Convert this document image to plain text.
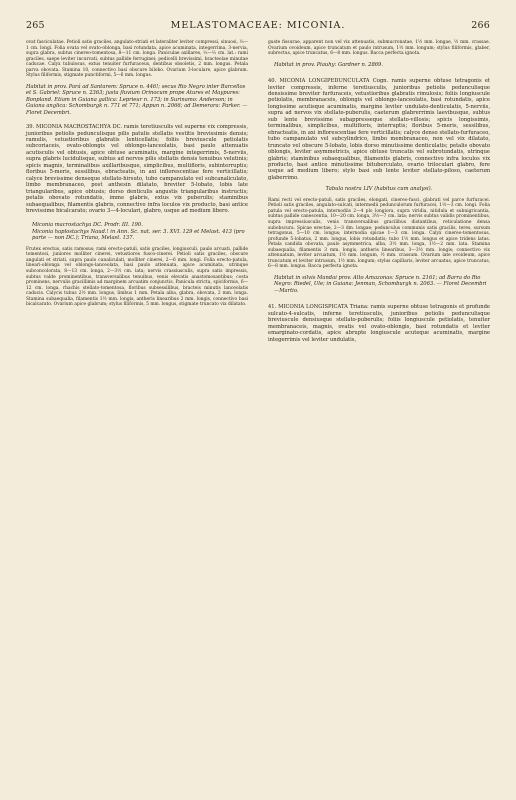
265	MELASTOMACEAE: MICONIA.	266

ovat fasciculatae. Petioli satis graciles, angulato-striati et lateraliter leviter compressi, sinuosi, ⅓—1 cm. longi. Folia ovata vel ovato-oblonga, basi rotundata, apice acuminata, integerrima, 3-nervia, supra glabra, subtus cinereo-tomentosa, 8—11 cm. longa. Paniculae axillares, ⅓—⅔ cm. lat.: rami graciles, saepe leviter incurvati, subtus pallide ferruginei; pedicelli brevissimi, bracteolae minutae caducae. Calyx tubulosus, extus tenuiter furfuraceus, dentibus obsoletis, 2 mm. longus. Petala parva obovata. Stamina 10, connectivo basi obscure bilobo. Ovarium 3-loculare, apice glabrum. Stylus filiformis, stigmate punctiformi, 5—6 mm. longus.

Habitat in prov. Pará ad Santarem: Spruce n. 446!; secus Rio Negro inter Barcellos et S. Gabriel: Spruce n. 2363; justa fluvium Orinocum prope Atures et Maypures: Bonpland. Etiam in Guiana gallica: Leprieur n. 173; in Surinamo: Anderson; in Guiana anglica: Schomburgk n. 771 et 771; Appun n. 2066; ad Demerara: Parker. — Floret Decembri.

39. MICONIA MACROSTACHYA DC. ramis teretiusculis vel superne vix compressis, junioribus petiolis pedunculisque pilis patulis stellatis vestitis brevissimis densis; ramulis, vetustioribus glabratis lenticellatis; foliis breviuscule petiolatis subcoriaceis, ovato-oblongis vel oblongo-lanceolatis, basi paulo attenuatis acutisculis vel obtusis, apice obtuse acuminatis, margine integerrimis, 5-nerviis, supra glabris lucidulisque, subtus ad nervos pilis stellatis densis tenuibus velutinis; spicis magnis, terminalibus axillaribusque, simplicibus, multifloris, subinterruptis; floribus 5-meris, sessilibus, ebracteatis, in axi inflorescentiae fere verticillatis; calyce brevissime denseque stellato-hirsuto, tubo campanulato vel subcanaliculato, limbo membranaceo, post anthesin dilatato, breviter 5-lobato, lobis late triangularibus, apice obtusis; dorso denticulis angustis triangularibus instructis; petalis obovato rotundatis, imme glabris, extus vix puberulis; staminibus subaequalibus, filamentis glabris, connectivo infra loculos vix producto, basi antice brevissime bicalcarato; ovario 3—4-loculari, glabro, usque ad medium libero.

Miconia macrostachya DC. Prodr. III. 190.

Miconia haplostachys Naud.! in Ann. Sc. nat. ser. 3. XVI. 129 et Melast. 413 (pro parte — non DC.); Triana, Melast. 137.

Frutex erectus, satis ramosus; rami erecto-patuli, satis graciles, longiusculi, paulo arcuati, pallide tomentosi, juniores molliter cinerei, vetustiores fusco-cinerei. Petioli satis graciles, obscure angulati et striati, supra paulo canaliculati, molliter cinerei, 2—6 mm. longi. Folia erecto-patula, lineari-oblonga vel oblongo-lanceolata, basi paulo attenuata, apice acuminata, utrinque subconcolorata, 8—13 cm. longa, 2—3½ cm. lata; nervis crassiusculis, supra satis impressis, subtus valde prominentibus, transversalibus tenuibus, venis elevatis anastomosantibus; costa prominens, nervulis gracillimis ad marginem arcuatim conjunctis. Panicula stricta, spiciformis, 6—12 cm. longa, rhachis stellato-tomentosa, floribus subsessilibus, bracteis minutis lanceolatis caducis. Calycis tubus 2½ mm. longus, limbus 1 mm. Petala alba, glabra, obovata, 2 mm. longa. Stamina subaequalia, filamentis 1½ mm. longis, antheris linearibus 2 mm. longis, connectivo basi bicalcarato. Ovarium apice glabrum; stylus filiformis, 5 mm. longus, stigmate truncato vix dilatato.

guste fissurae, apparent non vel vix attenuatis, submucronatae, 1½ mm. longae, ½ mm. crassae. Ovarium ovoideum, apice truncatum et paulo intrusum, 1½ mm. longum; stylus filiformis, glaber, subrectus, apice truncatus, 6—8 mm. longus. Bacca perfecta ignota.

Habitat in prov. Piauhy: Gardner n. 2869.

40. MICONIA LONGIPEDUNCULATA Cogn. ramis superne obtuse tetragonis et leviter compressis, inferne teretiusculis, junioribus petiolis pedunculisque densissime breviter furfuraceis, vetustioribus glabratis rimulosis; foliis longiuscule petiolatis, membranaceis, oblongis vel oblongo-lanceolatis, basi rotundatis, apice longissime acutisque acuminatis, margine leviter undulato-denticulatis, 5-nerviis, supra ad nervos vix stellato-puberulis, caeterum glabrerrimis laevibusque, subtus sub lente brevissime subappresseque stellato-villosis; spicis longissimis, terminalibus, simplicibus, multifloris, interruptis; floribus 5-meris, sessilibus, ebracteatis, in axi inflorescentiae fere verticillatis; calyce denso stellato-furfuraceo, tubo campanulato vel subcylindrico, limbo membranaceo, non vel vix dilatato, truncato vel obscure 5-lobato, lobis dorso minutissime denticulatis; petalis obovato oblongis, leviter asymmetricis, apice obtuse truncatis vel subrotundatis, utrinque glabris; staminibus subaequalibus, filamentis glabris, connectivo infra loculos vix producto, basi antice minutissime bituberculato, ovario triloculari glabro, fere usque ad medium libero; stylo basi sub lente leviter stellato-piloso, caeterum glaberrimo.

Tabula nostra LIV (habitus cum analysi).

Rami recti vel erecto-patuli, satis graciles, elongati, cinereo-fusci, glabrati vel parce furfuracei. Petioli satis graciles, angulato-sulcati, intermedii pedunculorum furfuracei, 1½—3 cm. longi. Folia patula vel erecto-patula, internodiis 2—4 plo longiora, supra viridia, nitidula et subnigricantia, subtus pallide canescentia, 10—20 cm. longa, 3½—7 cm. lata; nervis subtus validis prominentibus, supra impressiusculis, venis transversalibus gracilibus distantibus, reticulatione densa subobscura. Spicae erectae, 2—3 dm. longae; pedunculus communis satis gracilis, teres, sursum tetragonus, 5—10 cm. longus; internodia spicae 1—3 cm. longa. Calyx cinereo-tomentosus, profunde 5-lobatus, 2 mm. longus, lobis rotundatis; tubo 1½ mm. longus et apice tridens latus. Petala candida obovata, paulo asymmetrica, alba, 3½ mm. longa, 1½—2 mm. lata. Stamina subaequalia, filamentis 3 mm. longis, antheris linearibus, 3—3½ mm. longis; connectivo vix attenuatum, leviter arcuatum, 1½ mm. longum, ½ mm. crassum. Ovarium late ovoideum, apice truncatum et leviter intrusum, 1½ mm. longum; stylus capillaris, leviter arcuatus, apice truncatus, 6—8 mm. longus. Bacca perfecta ignota.

Habitat in silvis Mandai prov. Alto Amazonas: Spruce n. 2161; ad Barra do Rio Negro: Riedel, Ule; in Guiana: Jenman, Schomburgk n. 2063. — Floret Decembri—Martio.

41. MICONIA LONGISPICATA Triana: ramis superne obtuse tetragonis et profunde sulcato-4-sulcatis, inferne teretiusculis, junioribus petiolis pedunculisque breviuscule densiusque stellato-puberulis; foliis longiuscule petiolatis, tenuiter membranaceis, magnis, ovatis vel ovato-oblongis, basi rotundatis et leviter emarginato-cordatis, apice abrupte longiuscule acuteque acuminatis, margine integerrimis vel leviter undulatis,
